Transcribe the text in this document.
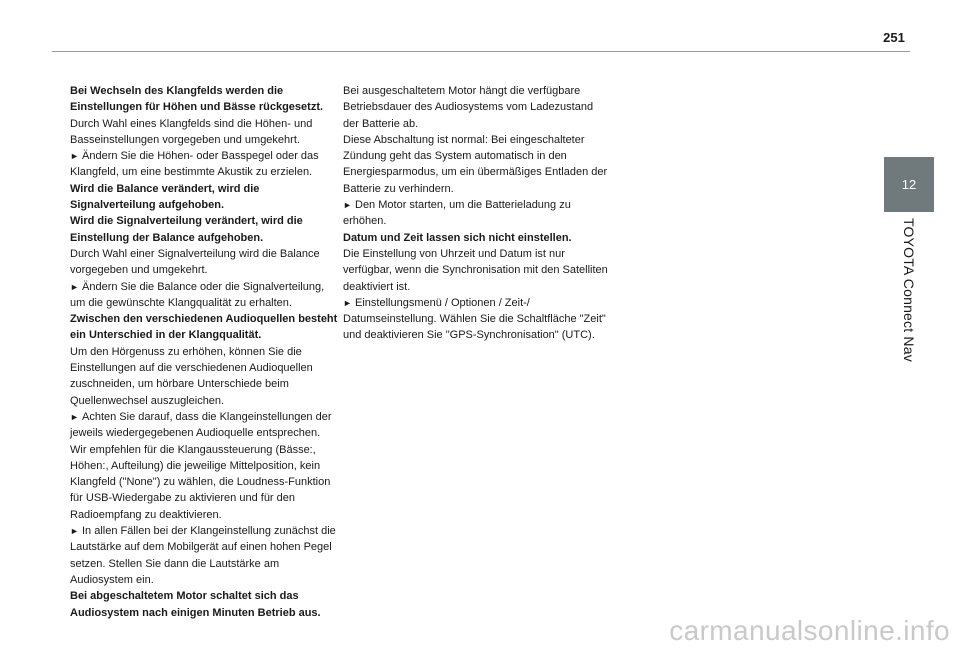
251
12
TOYOTA Connect Nav

Bei Wechseln des Klangfelds werden die Einstellungen für Höhen und Bässe rückgesetzt.

Durch Wahl eines Klangfelds sind die Höhen- und Basseinstellungen vorgegeben und umgekehrt.

► Ändern Sie die Höhen- oder Basspegel oder das Klangfeld, um eine bestimmte Akustik zu erzielen.

Wird die Balance verändert, wird die Signalverteilung aufgehoben.

Wird die Signalverteilung verändert, wird die Einstellung der Balance aufgehoben.

Durch Wahl einer Signalverteilung wird die Balance vorgegeben und umgekehrt.

► Ändern Sie die Balance oder die Signalverteilung, um die gewünschte Klangqualität zu erhalten.

Zwischen den verschiedenen Audioquellen besteht ein Unterschied in der Klangqualität.

Um den Hörgenuss zu erhöhen, können Sie die Einstellungen auf die verschiedenen Audioquellen zuschneiden, um hörbare Unterschiede beim Quellenwechsel auszugleichen.

► Achten Sie darauf, dass die Klangeinstellungen der jeweils wiedergegebenen Audioquelle entsprechen. Wir empfehlen für die Klangaussteuerung (Bässe:, Höhen:, Aufteilung) die jeweilige Mittelposition, kein Klangfeld ("None") zu wählen, die Loudness-Funktion für USB-Wiedergabe zu aktivieren und für den Radioempfang zu deaktivieren.

► In allen Fällen bei der Klangeinstellung zunächst die Lautstärke auf dem Mobilgerät auf einen hohen Pegel setzen. Stellen Sie dann die Lautstärke am Audiosystem ein.

Bei abgeschaltetem Motor schaltet sich das Audiosystem nach einigen Minuten Betrieb aus.

Bei ausgeschaltetem Motor hängt die verfügbare Betriebsdauer des Audiosystems vom Ladezustand der Batterie ab.

Diese Abschaltung ist normal: Bei eingeschalteter Zündung geht das System automatisch in den Energiesparmodus, um ein übermäßiges Entladen der Batterie zu verhindern.

► Den Motor starten, um die Batterieladung zu erhöhen.

Datum und Zeit lassen sich nicht einstellen.

Die Einstellung von Uhrzeit und Datum ist nur verfügbar, wenn die Synchronisation mit den Satelliten deaktiviert ist.

► Einstellungsmenü / Optionen / Zeit-/ Datumseinstellung. Wählen Sie die Schaltfläche "Zeit" und deaktivieren Sie "GPS-Synchronisation" (UTC).

carmanualsonline.info
